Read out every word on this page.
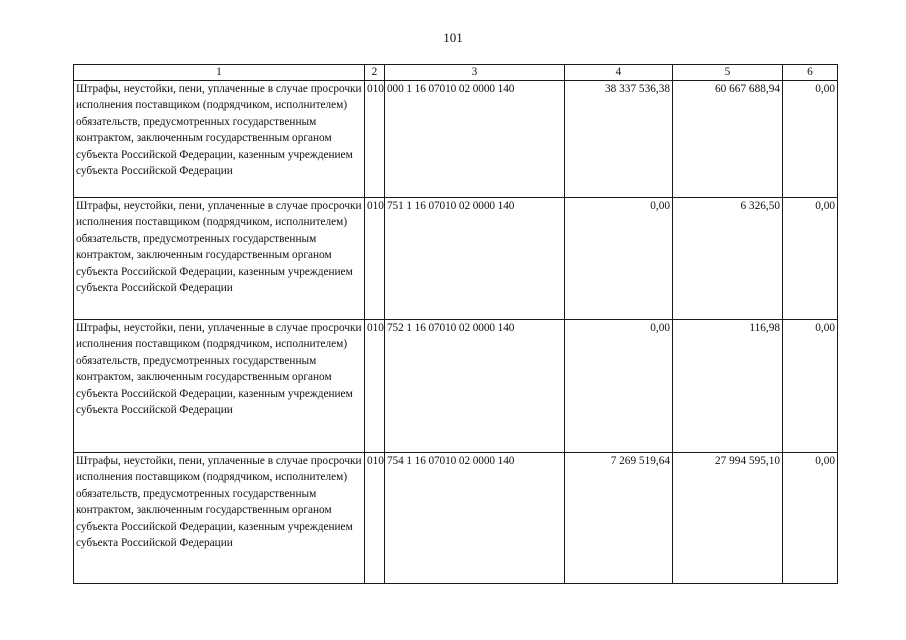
101
1	2	3	4	5	6
Штрафы, неустойки, пени, уплаченные в случае просрочки исполнения поставщиком (подрядчиком, исполнителем) обязательств, предусмотренных государственным контрактом, заключенным государственным органом субъекта Российской Федерации, казенным учреждением субъекта Российской Федерации	010	000 1 16 07010 02 0000 140	38 337 536,38	60 667 688,94	0,00
Штрафы, неустойки, пени, уплаченные в случае просрочки исполнения поставщиком (подрядчиком, исполнителем) обязательств, предусмотренных государственным контрактом, заключенным государственным органом субъекта Российской Федерации, казенным учреждением субъекта Российской Федерации	010	751 1 16 07010 02 0000 140	0,00	6 326,50	0,00
Штрафы, неустойки, пени, уплаченные в случае просрочки исполнения поставщиком (подрядчиком, исполнителем) обязательств, предусмотренных государственным контрактом, заключенным государственным органом субъекта Российской Федерации, казенным учреждением субъекта Российской Федерации	010	752 1 16 07010 02 0000 140	0,00	116,98	0,00
Штрафы, неустойки, пени, уплаченные в случае просрочки исполнения поставщиком (подрядчиком, исполнителем) обязательств, предусмотренных государственным контрактом, заключенным государственным органом субъекта Российской Федерации, казенным учреждением субъекта Российской Федерации	010	754 1 16 07010 02 0000 140	7 269 519,64	27 994 595,10	0,00
